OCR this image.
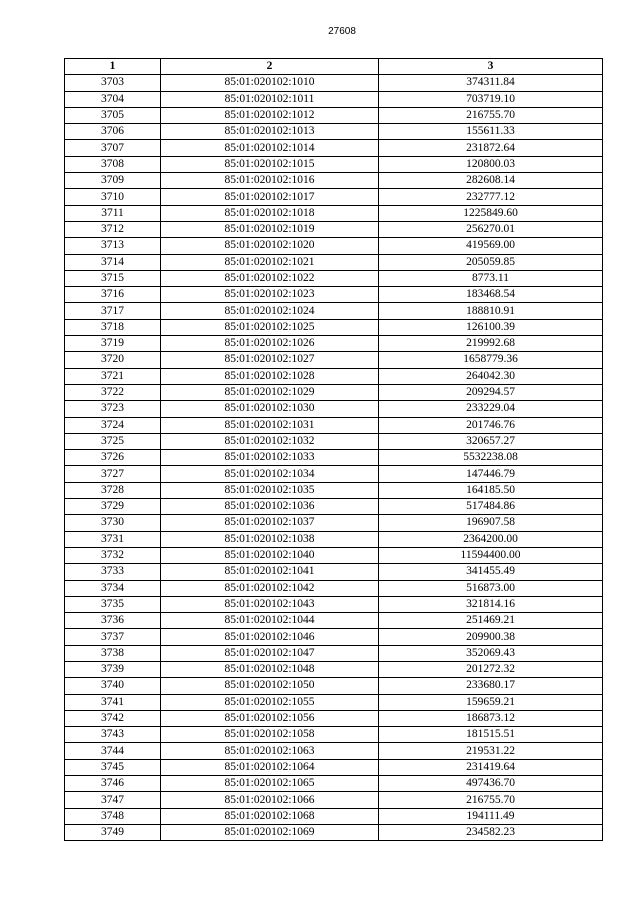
27608
1	2	3
3703	85:01:020102:1010	374311.84
3704	85:01:020102:1011	703719.10
3705	85:01:020102:1012	216755.70
3706	85:01:020102:1013	155611.33
3707	85:01:020102:1014	231872.64
3708	85:01:020102:1015	120800.03
3709	85:01:020102:1016	282608.14
3710	85:01:020102:1017	232777.12
3711	85:01:020102:1018	1225849.60
3712	85:01:020102:1019	256270.01
3713	85:01:020102:1020	419569.00
3714	85:01:020102:1021	205059.85
3715	85:01:020102:1022	8773.11
3716	85:01:020102:1023	183468.54
3717	85:01:020102:1024	188810.91
3718	85:01:020102:1025	126100.39
3719	85:01:020102:1026	219992.68
3720	85:01:020102:1027	1658779.36
3721	85:01:020102:1028	264042.30
3722	85:01:020102:1029	209294.57
3723	85:01:020102:1030	233229.04
3724	85:01:020102:1031	201746.76
3725	85:01:020102:1032	320657.27
3726	85:01:020102:1033	5532238.08
3727	85:01:020102:1034	147446.79
3728	85:01:020102:1035	164185.50
3729	85:01:020102:1036	517484.86
3730	85:01:020102:1037	196907.58
3731	85:01:020102:1038	2364200.00
3732	85:01:020102:1040	11594400.00
3733	85:01:020102:1041	341455.49
3734	85:01:020102:1042	516873.00
3735	85:01:020102:1043	321814.16
3736	85:01:020102:1044	251469.21
3737	85:01:020102:1046	209900.38
3738	85:01:020102:1047	352069.43
3739	85:01:020102:1048	201272.32
3740	85:01:020102:1050	233680.17
3741	85:01:020102:1055	159659.21
3742	85:01:020102:1056	186873.12
3743	85:01:020102:1058	181515.51
3744	85:01:020102:1063	219531.22
3745	85:01:020102:1064	231419.64
3746	85:01:020102:1065	497436.70
3747	85:01:020102:1066	216755.70
3748	85:01:020102:1068	194111.49
3749	85:01:020102:1069	234582.23
